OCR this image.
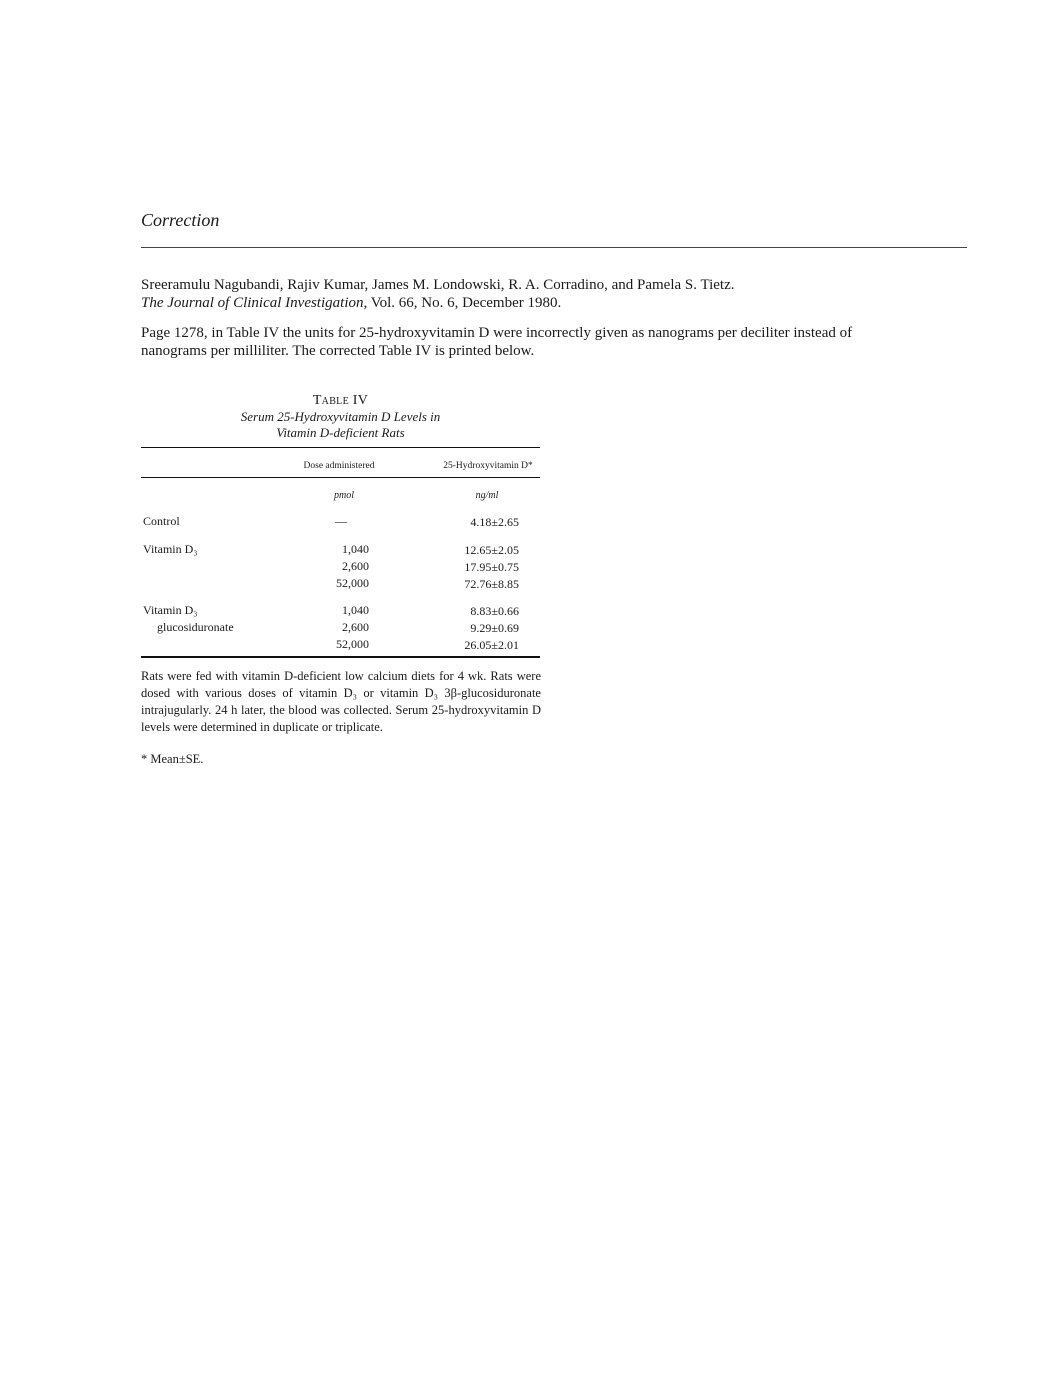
Correction
Sreeramulu Nagubandi, Rajiv Kumar, James M. Londowski, R. A. Corradino, and Pamela S. Tietz.
The Journal of Clinical Investigation, Vol. 66, No. 6, December 1980.
Page 1278, in Table IV the units for 25-hydroxyvitamin D were incorrectly given as nanograms per deciliter instead of nanograms per milliliter. The corrected Table IV is printed below.
Table IV
Serum 25-Hydroxyvitamin D Levels in
Vitamin D-deficient Rats
Dose administered	25-Hydroxyvitamin D*
pmol	ng/ml
Control	—	4.18±2.65
Vitamin D₃	1,040	12.65±2.05
2,600	17.95±0.75
52,000	72.76±8.85
Vitamin D₃
glucosiduronate
1,040	8.83±0.66
2,600	9.29±0.69
52,000	26.05±2.01
Rats were fed with vitamin D-deficient low calcium diets for 4 wk. Rats were dosed with various doses of vitamin D₃ or vitamin D₃ 3β-glucosiduronate intrajugularly. 24 h later, the blood was collected. Serum 25-hydroxyvitamin D levels were determined in duplicate or triplicate.
* Mean±SE.
